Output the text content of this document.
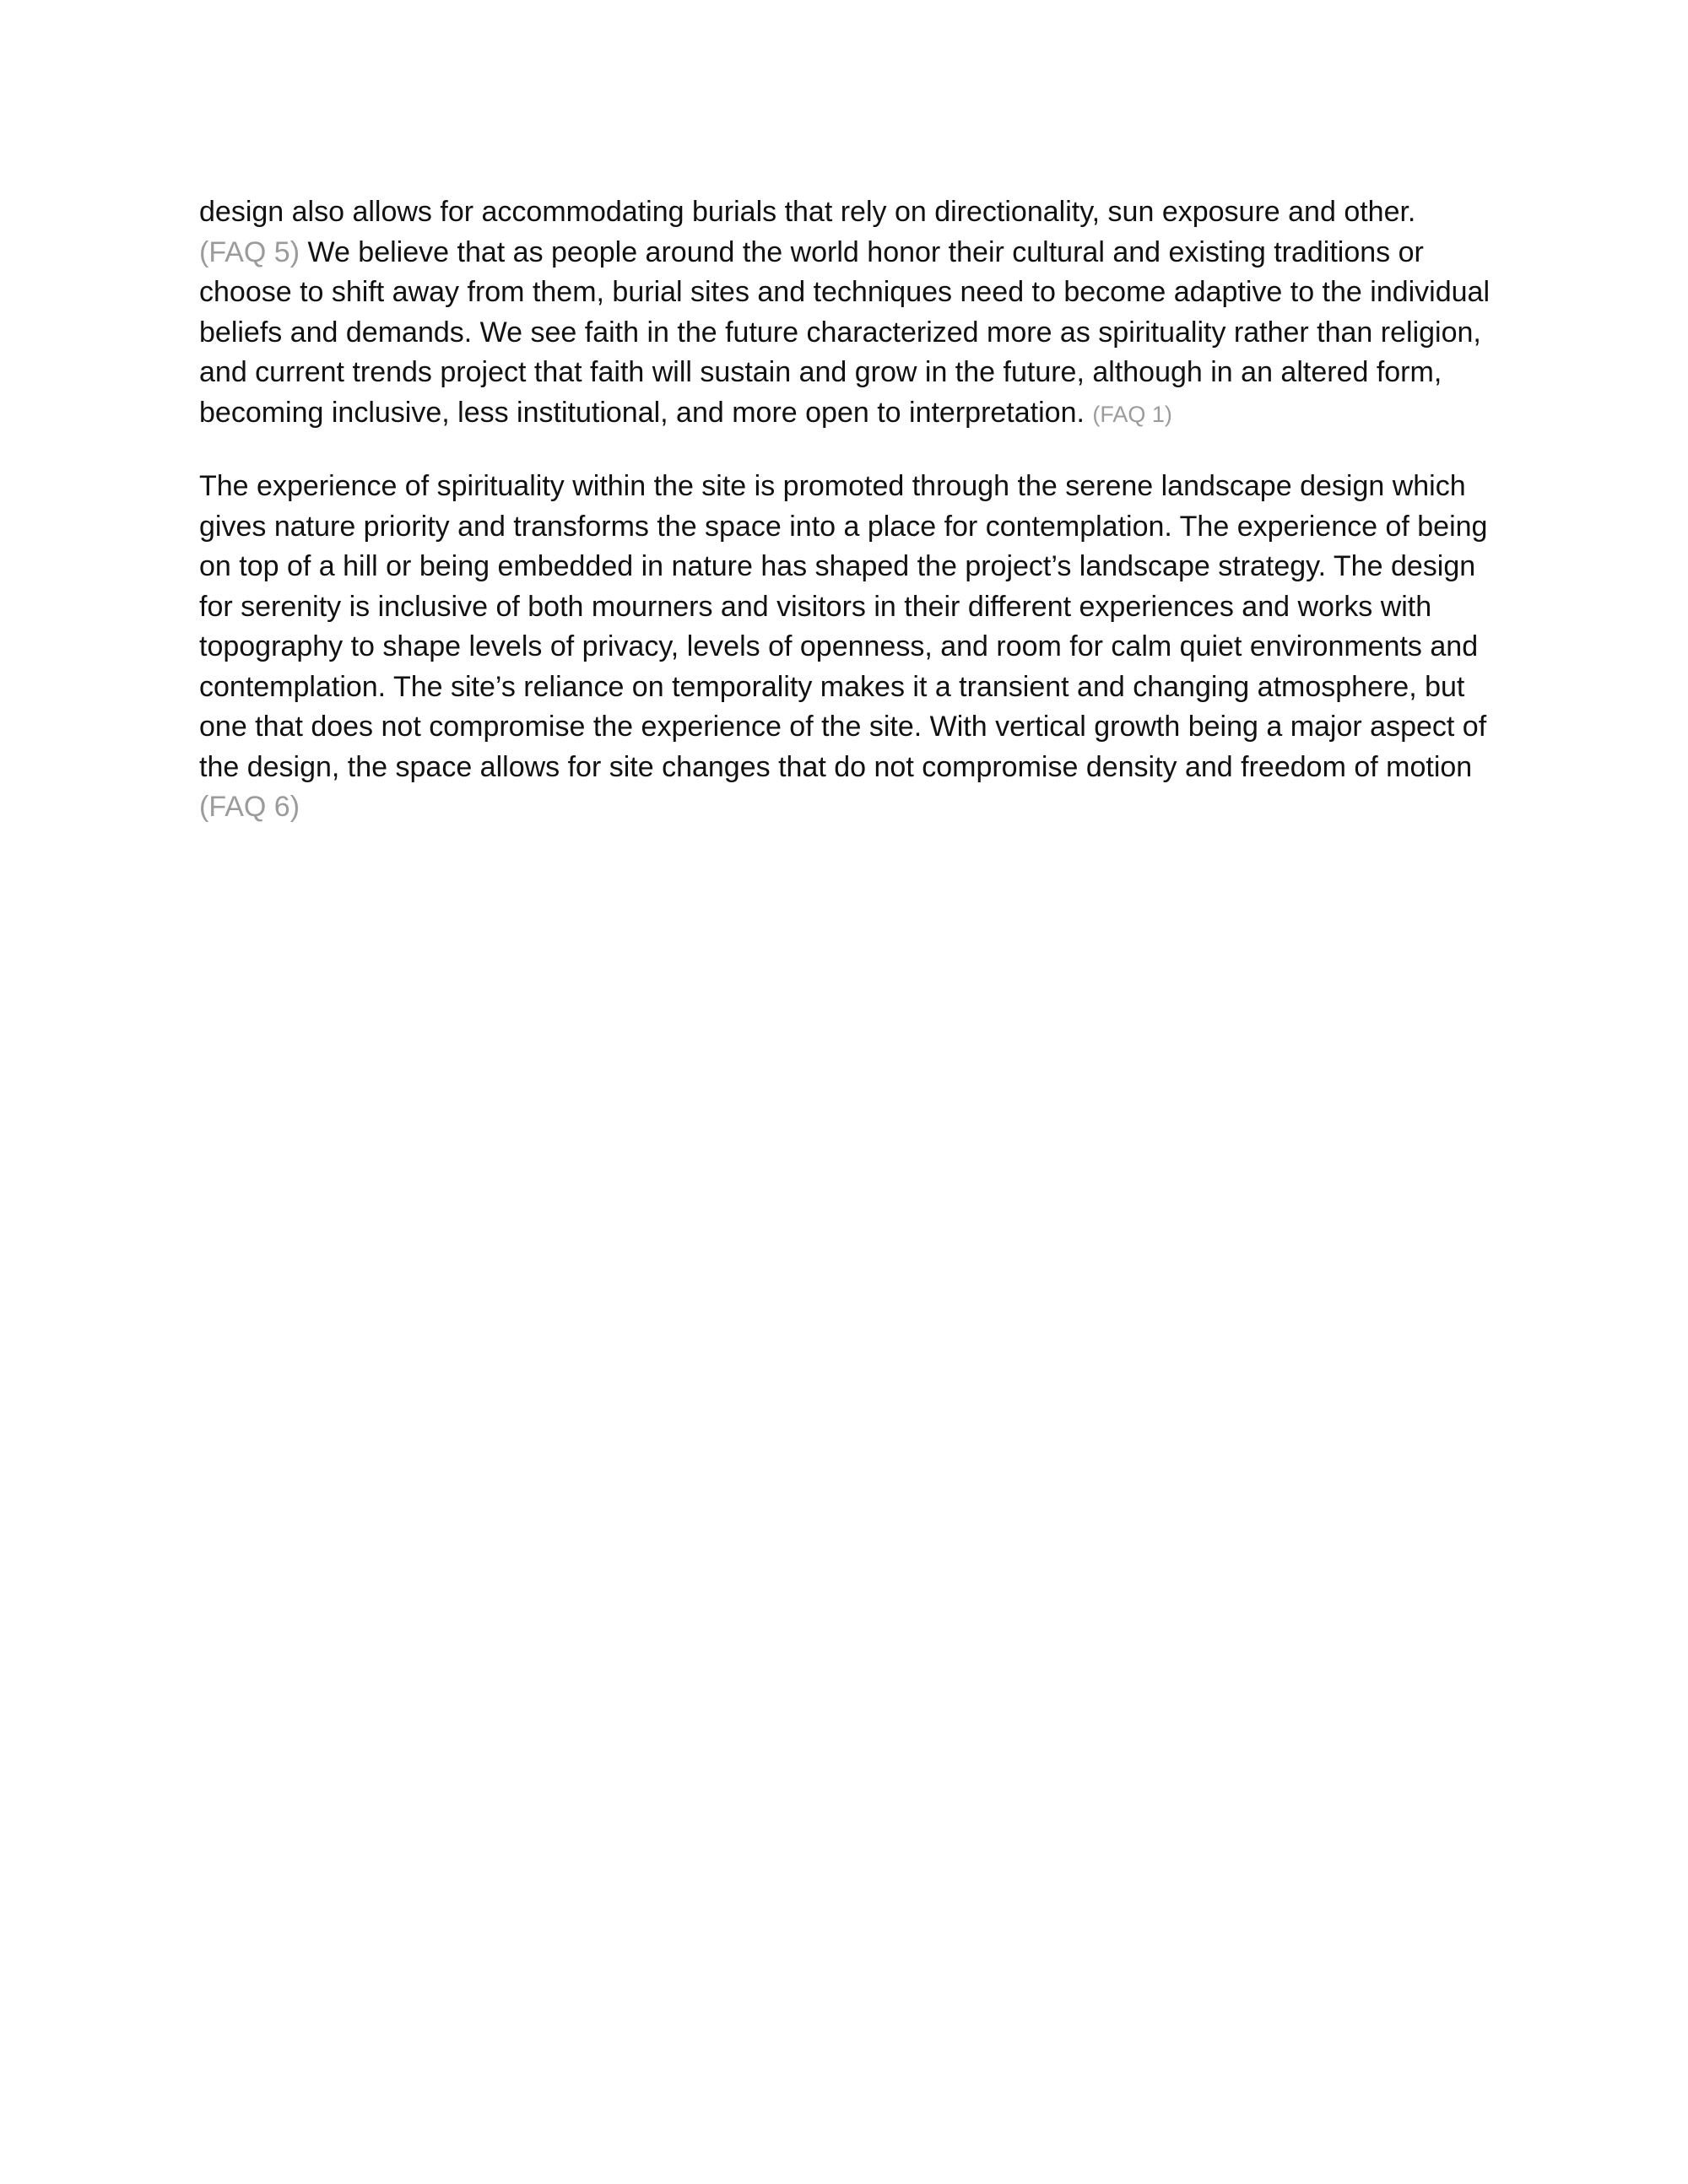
design also allows for accommodating burials that rely on directionality, sun exposure and other. (FAQ 5) We believe that as people around the world honor their cultural and existing traditions or choose to shift away from them, burial sites and techniques need to become adaptive to the individual beliefs and demands. We see faith in the future characterized more as spirituality rather than religion, and current trends project that faith will sustain and grow in the future, although in an altered form, becoming inclusive, less institutional, and more open to interpretation. (FAQ 1)

The experience of spirituality within the site is promoted through the serene landscape design which gives nature priority and transforms the space into a place for contemplation. The experience of being on top of a hill or being embedded in nature has shaped the project’s landscape strategy. The design for serenity is inclusive of both mourners and visitors in their different experiences and works with topography to shape levels of privacy, levels of openness, and room for calm quiet environments and contemplation. The site’s reliance on temporality makes it a transient and changing atmosphere, but one that does not compromise the experience of the site. With vertical growth being a major aspect of the design, the space allows for site changes that do not compromise density and freedom of motion (FAQ 6)
